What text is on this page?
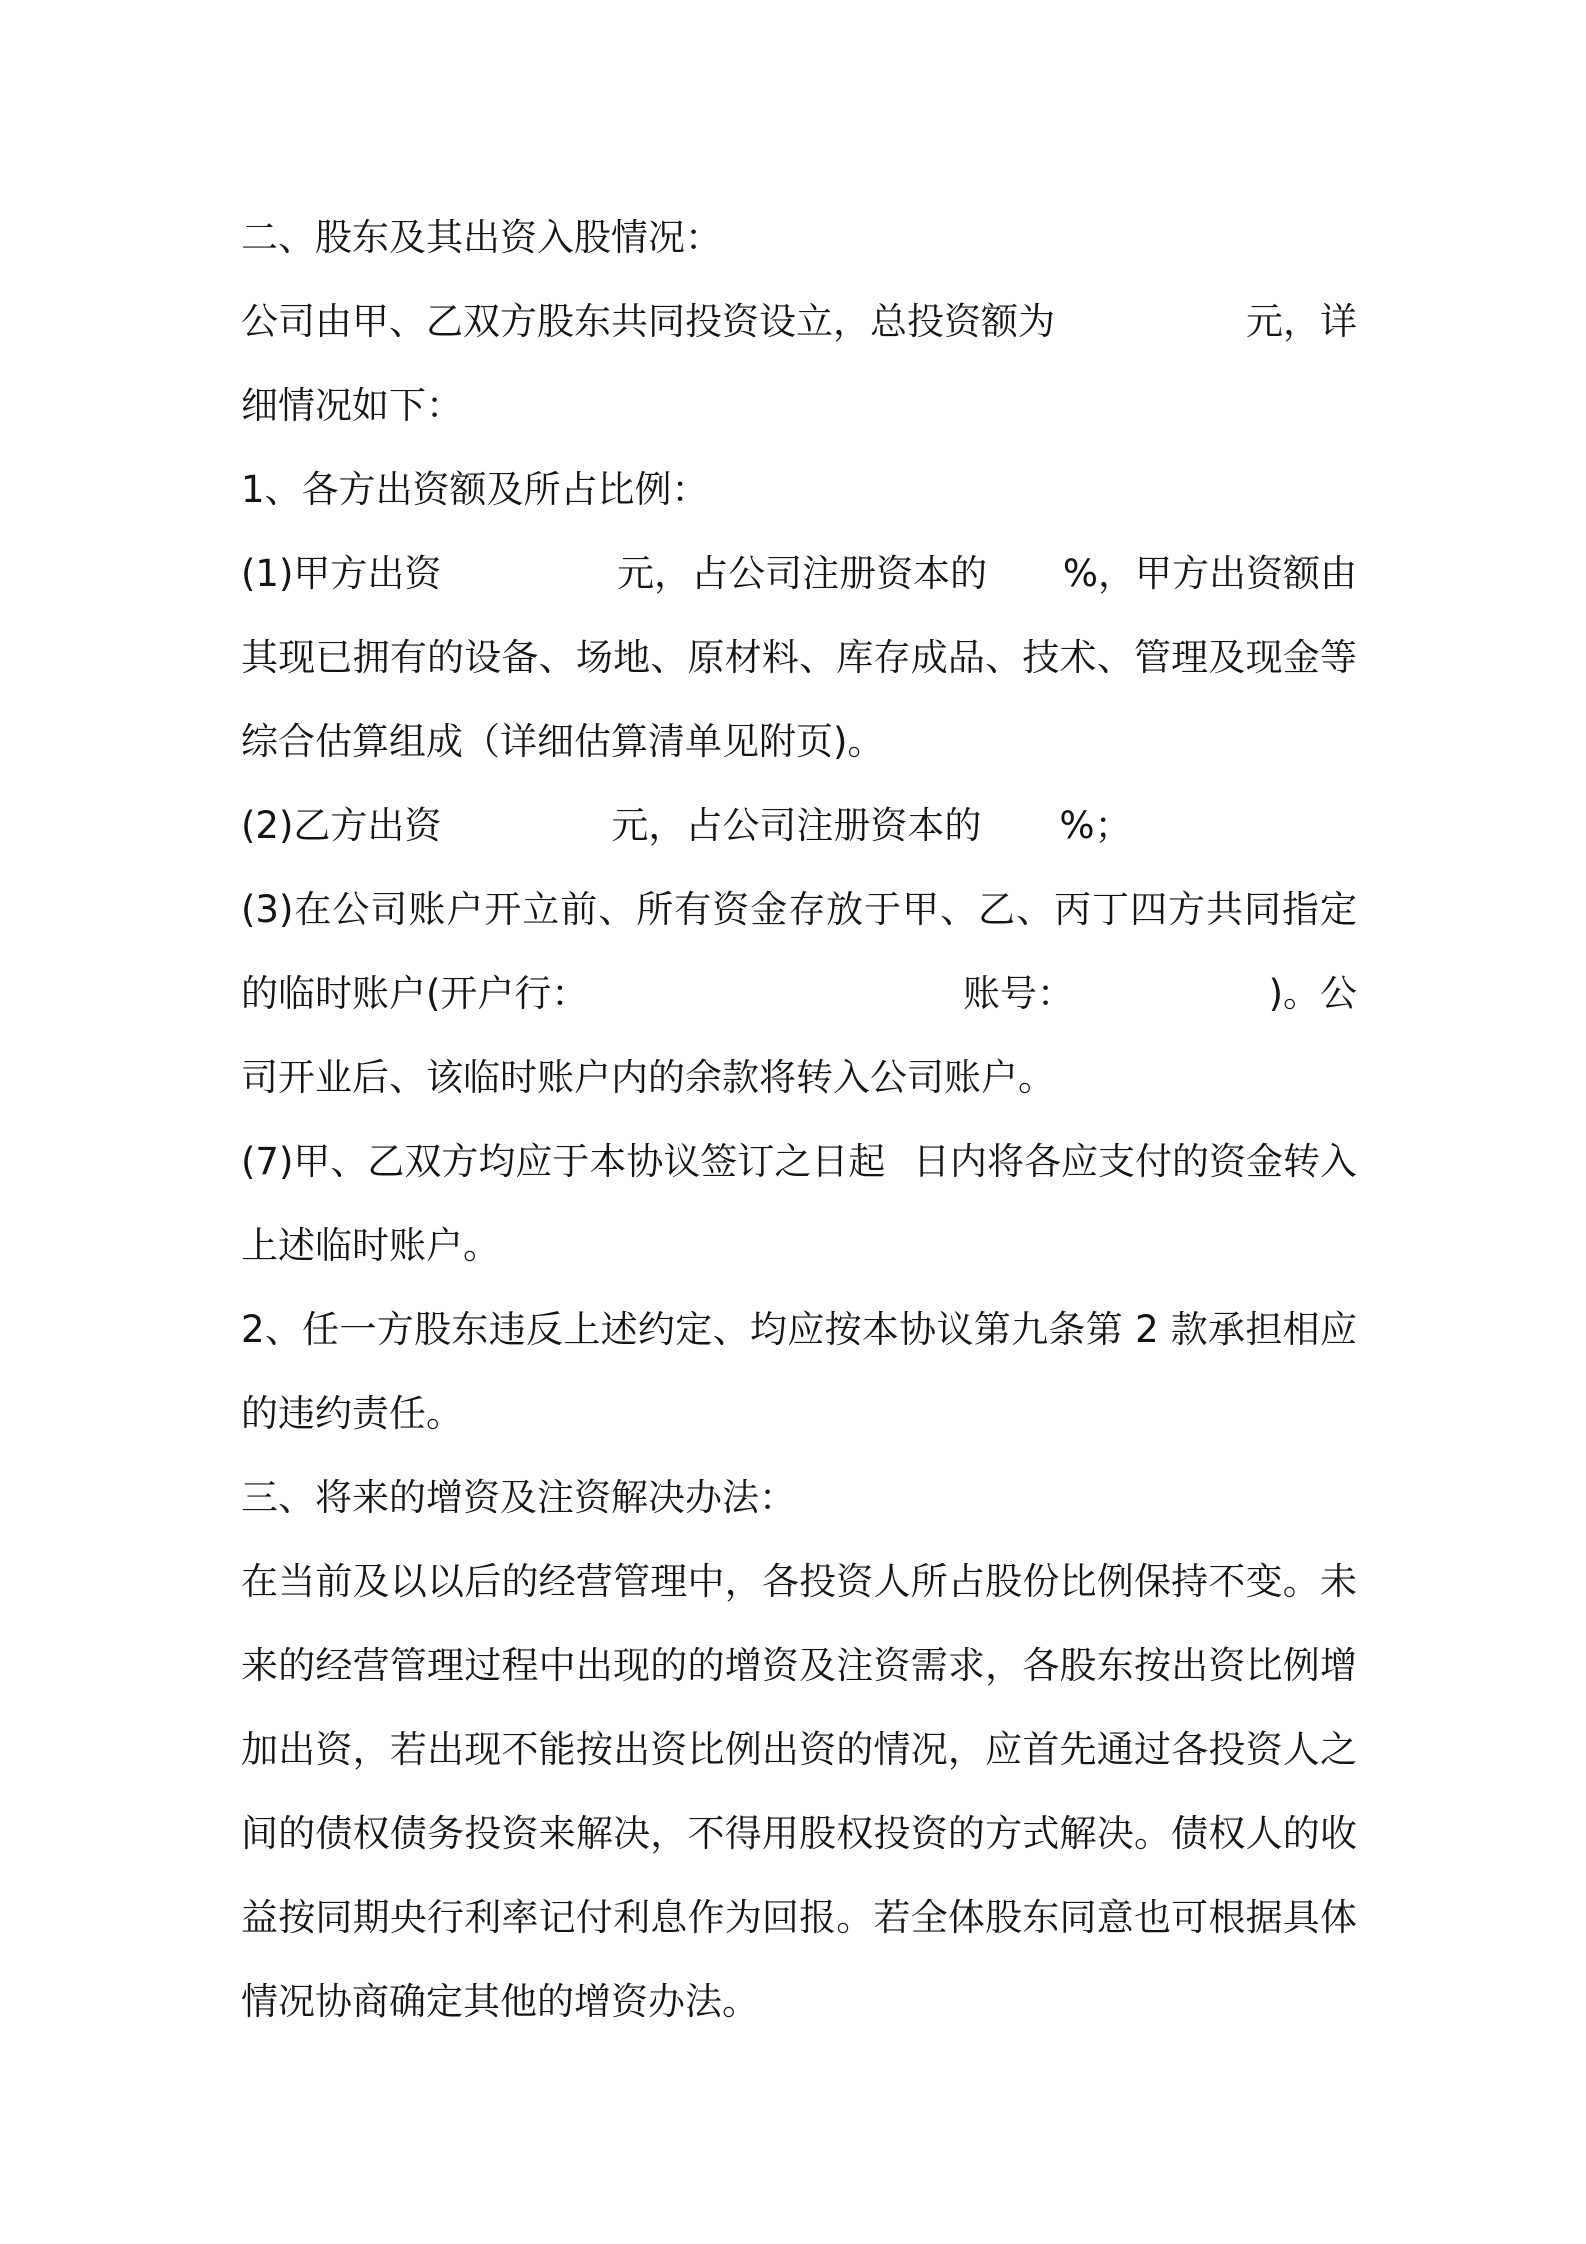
二、股东及其出资入股情况：
公司由甲、乙双方股东共同投资设立，总投资额为	元，详
细情况如下：
1、各方出资额及所占比例：
(1)甲方出资	元，占公司注册资本的 %，甲方出资额由
其现已拥有的设备、场地、原材料、库存成品、技术、管理及现金等
综合估算组成（详细估算清单见附页)。
(2)乙方出资	元，占公司注册资本的 %；
(3)在公司账户开立前、所有资金存放于甲、乙、丙丁四方共同指定
的临时账户(开户行：	账号：	)。公
司开业后、该临时账户内的余款将转入公司账户。
(7)甲、乙双方均应于本协议签订之日起 日内将各应支付的资金转入
上述临时账户。
2、任一方股东违反上述约定、均应按本协议第九条第 2 款承担相应
的违约责任。
三、将来的增资及注资解决办法：
在当前及以以后的经营管理中，各投资人所占股份比例保持不变。未
来的经营管理过程中出现的的增资及注资需求，各股东按出资比例增
加出资，若出现不能按出资比例出资的情况，应首先通过各投资人之
间的债权债务投资来解决，不得用股权投资的方式解决。债权人的收
益按同期央行利率记付利息作为回报。若全体股东同意也可根据具体
情况协商确定其他的增资办法。
